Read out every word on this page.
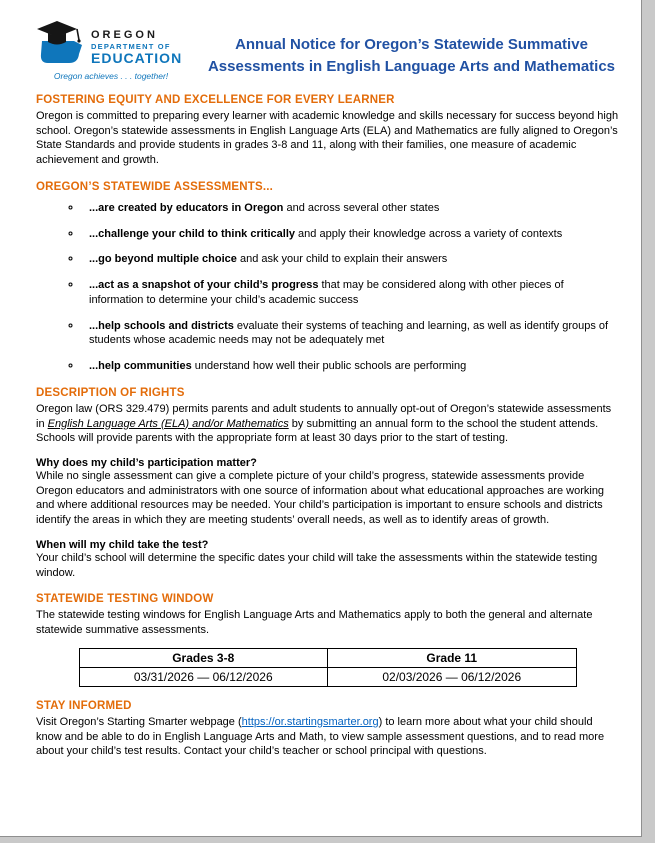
OREGON
DEPARTMENT OF
EDUCATION
Oregon achieves . . . together!
Annual Notice for Oregon’s Statewide Summative
Assessments in English Language Arts and Mathematics
FOSTERING EQUITY AND EXCELLENCE FOR EVERY LEARNER

Oregon is committed to preparing every learner with academic knowledge and skills necessary for success beyond high school. Oregon’s statewide assessments in English Language Arts (ELA) and Mathematics are fully aligned to Oregon’s State Standards and provide students in grades 3-8 and 11, along with their families, one measure of academic achievement and growth.

OREGON’S STATEWIDE ASSESSMENTS...
◦ ...are created by educators in Oregon and across several other states
◦ ...challenge your child to think critically and apply their knowledge across a variety of contexts
◦ ...go beyond multiple choice and ask your child to explain their answers
◦ ...act as a snapshot of your child’s progress that may be considered along with other pieces of information to determine your child’s academic success
◦ ...help schools and districts evaluate their systems of teaching and learning, as well as identify groups of students whose academic needs may not be adequately met
◦ ...help communities understand how well their public schools are performing
DESCRIPTION OF RIGHTS

Oregon law (ORS 329.479) permits parents and adult students to annually opt-out of Oregon’s statewide assessments in English Language Arts (ELA) and/or Mathematics by submitting an annual form to the school the student attends. Schools will provide parents with the appropriate form at least 30 days prior to the start of testing.

Why does my child’s participation matter?

While no single assessment can give a complete picture of your child’s progress, statewide assessments provide Oregon educators and administrators with one source of information about what educational approaches are working and where additional resources may be needed. Your child’s participation is important to ensure schools and districts identify the areas in which they are meeting students’ overall needs, as well as to identify areas of growth.

When will my child take the test?

Your child’s school will determine the specific dates your child will take the assessments within the statewide testing window.

STATEWIDE TESTING WINDOW

The statewide testing windows for English Language Arts and Mathematics apply to both the general and alternate statewide summative assessments.

Grades 3-8	Grade 11
03/31/2026 — 06/12/2026	02/03/2026 — 06/12/2026
STAY INFORMED

Visit Oregon’s Starting Smarter webpage (https://or.startingsmarter.org) to learn more about what your child should know and be able to do in English Language Arts and Math, to view sample assessment questions, and to read more about your child’s test results. Contact your child’s teacher or school principal with questions.
